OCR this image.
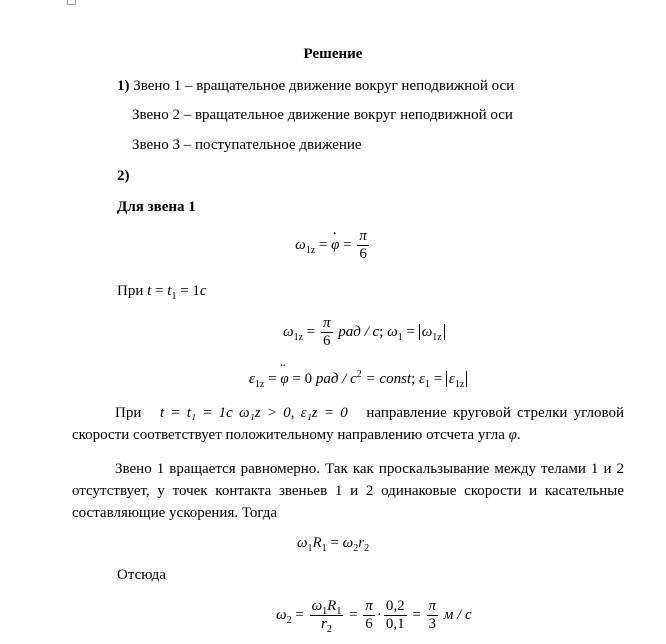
Решение
1) Звено 1 – вращательное движение вокруг неподвижной оси
Звено 2 – вращательное движение вокруг неподвижной оси
Звено 3 – поступательное движение
2)
Для звена 1
$\omega_{1z}$ = · $\varphi = \frac{\pi}{6}$
При $t = t_1 = 1c$
$\omega_{1z} = \frac{\pi}{6}$ рад / с; $\omega_1 = \omega_{1z}$
$\varepsilon_{1z}$ = ¨ φ = 0 рад / $с^2$ = const; $\varepsilon_1 = \varepsilon_{1z}$
При t = t₁ = 1c ω₁z > 0, ε₁z = 0 направление круговой стрелки угловой скорости соответствует положительному направлению отсчета угла φ.
Звено 1 вращается равномерно. Так как проскальзывание между телами 1 и 2 отсутствует, у точек контакта звеньев 1 и 2 одинаковые скорости и касательные составляющие ускорения. Тогда
$\omega_1R_1 = \omega_2r_2$
Отсюда
$\omega_2 = \frac{\omega_1R_1}{r_2} = \frac{\pi}{6} \cdot \frac{0,2}{0,1} = \frac{\pi}{3}$ м / с
